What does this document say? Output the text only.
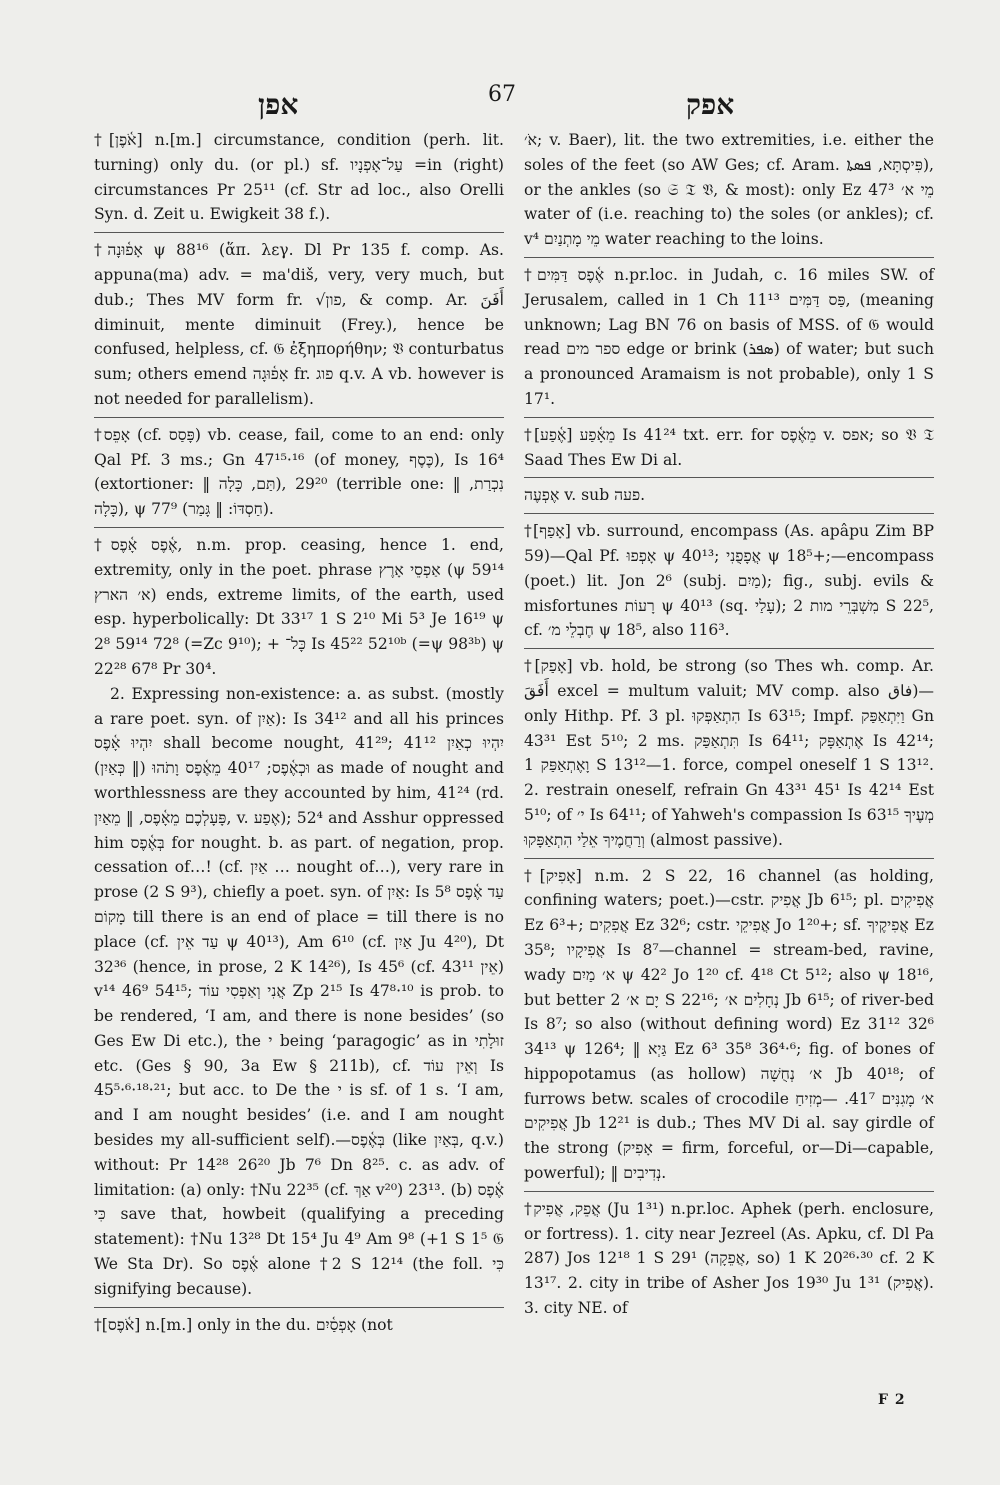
אפן	67	אפק

†[אֹ֫פֶן] n.[m.] circumstance, condition (perh. lit. turning) only du. (or pl.) sf. עַל־אָפְנָיו =in (right) circumstances Pr 25¹¹ (cf. Str ad loc., also Orelli Syn. d. Zeit u. Ewigkeit 38 f.).

†אָפ֫וּנָה ψ 88¹⁶ (ἅπ. λεγ. Dl Pr 135 f. comp. As. appuna(ma) adv. = ma'diš, very, very much, but dub.; Thes MV form fr. √פון, & comp. Ar. أَفَنَ diminuit, mente diminuit (Frey.), hence be confused, helpless, cf. 𝔊 ἐξηπορήθην; 𝔙 conturbatus sum; others emend אָפ֫וּגָה fr. פוג q.v. A vb. however is not needed for parallelism).

†אָפֵס (cf. פָּסַס) vb. cease, fail, come to an end: only Qal Pf. 3 ms.; Gn 47¹⁵·¹⁶ (of money, כֶּסֶף), Is 16⁴ (extortioner: ‖ תַּם, כָּלָה), 29²⁰ (terrible one: ‖ נִכְרַת, כָּלָה), ψ 77⁹ (חַסְדּוֹ: ‖ גָּמַר).

†אֶ֫פֶס אָ֫פֶס, n.m. prop. ceasing, hence 1. end, extremity, only in the poet. phrase אַפְסֵי אָרֶץ (ψ 59¹⁴ א׳ הארץ) ends, extreme limits, of the earth, used esp. hyperbolically: Dt 33¹⁷ 1 S 2¹⁰ Mi 5³ Je 16¹⁹ ψ 2⁸ 59¹⁴ 72⁸ (=Zc 9¹⁰); + כָּל־ Is 45²² 52¹⁰ᵇ (=ψ 98³ᵇ) ψ 22²⁸ 67⁸ Pr 30⁴.

2. Expressing non-existence: a. as subst. (mostly a rare poet. syn. of אַיִן): Is 34¹² and all his princes יִהְיוּ אָ֫פֶס shall become nought, 41²⁹; 41¹² יִהְיוּ כְאַיִן וּכְאֶ֫פֶס; 40¹⁷ מֵאֶ֫פֶס וָתֹהוּ (‖ כְּאַיִן) as made of nought and worthlessness are they accounted by him, 41²⁴ (rd. פָּעָלְכֶם מֵאָ֫פֶס, ‖ מֵאַיִן, v. אֶפַע); 52⁴ and Asshur oppressed him בְּאֶ֫פֶס for nought. b. as part. of negation, prop. cessation of…! (cf. אַיִן … nought of…), very rare in prose (2 S 9³), chiefly a poet. syn. of אַיִן: Is 5⁸ עַד אֶ֫פֶס מָקוֹם till there is an end of place = till there is no place (cf. עַד אֵין ψ 40¹³), Am 6¹⁰ (cf. אַיִן Ju 4²⁰), Dt 32³⁶ (hence, in prose, 2 K 14²⁶), Is 45⁶ (cf. אֵין 43¹¹) v¹⁴ 46⁹ 54¹⁵; אֲנִי וְאַפְסִי עוֹד Zp 2¹⁵ Is 47⁸·¹⁰ is prob. to be rendered, ‘I am, and there is none besides’ (so Ges Ew Di etc.), the י being ‘paragogic’ as in זוּלָתִי etc. (Ges § 90, 3a Ew § 211b), cf. וְאֵין עוֹד Is 45⁵·⁶·¹⁸·²¹; but acc. to De the י is sf. of 1 s. ‘I am, and I am nought besides’ (i.e. and I am nought besides my all-sufficient self).—בְּאֶ֫פֶס (like בְּאַיִן, q.v.) without: Pr 14²⁸ 26²⁰ Jb 7⁶ Dn 8²⁵. c. as adv. of limitation: (a) only: †Nu 22³⁵ (cf. אַךְ v²⁰) 23¹³. (b) אֶ֫פֶס כִּי save that, howbeit (qualifying a preceding statement): †Nu 13²⁸ Dt 15⁴ Ju 4⁹ Am 9⁸ (+1 S 1⁵ 𝔊 We Sta Dr). So אֶ֫פֶס alone †2 S 12¹⁴ (the foll. כִּי signifying because).

†[אֹ֫פֶס] n.[m.] only in the du. אָפְסַ֫יִם (not

אֹ׳; v. Baer), lit. the two extremities, i.e. either the soles of the feet (so AW Ges; cf. Aram. פִּיסְתָּא, ܦܣܬܐ), or the ankles (so 𝔖 𝔗 𝔙, & most): only Ez 47³ מֵי א׳ water of (i.e. reaching to) the soles (or ankles); cf. v⁴ מֵי מָתְנַיִם water reaching to the loins.

†אֶ֫פֶס דַּמִּים n.pr.loc. in Judah, c. 16 miles SW. of Jerusalem, called in 1 Ch 11¹³ פַּס דַּמִּים, (meaning unknown; Lag BN 76 on basis of MSS. of 𝔊 would read ספר מים edge or brink (ܣܦܪ) of water; but such a pronounced Aramaism is not probable), only 1 S 17¹.

†[אֶ֫פַע] מֵאָ֫פַע Is 41²⁴ txt. err. for מֵאֶ֫פֶס v. אפס; so 𝔙 𝔗 Saad Thes Ew Di al.

אֶפְעֶה v. sub פעה.

†[אָפַף] vb. surround, encompass (As. apâpu Zim BP 59)—Qal Pf. אָפְפוּ ψ 40¹³; אֲפָפֻנִי ψ 18⁵+;—encompass (poet.) lit. Jon 2⁶ (subj. מַיִם); fig., subj. evils & misfortunes רָעוֹת ψ 40¹³ (sq. עָלַי); מִשְׁבְּרֵי מות 2 S 22⁵, cf. חֶבְלֵי מ׳ ψ 18⁵, also 116³.

†[אָפַק] vb. hold, be strong (so Thes wh. comp. Ar. أَفَقَ excel = multum valuit; MV comp. also فاق)—only Hithp. Pf. 3 pl. הִתְאַפְּקוּ Is 63¹⁵; Impf. וַיִּתְאַפַּק Gn 43³¹ Est 5¹⁰; 2 ms. תִּתְאַפַּק Is 64¹¹; אֶתְאַפָּק Is 42¹⁴; וָאֶתְאַפַּק 1 S 13¹²—1. force, compel oneself 1 S 13¹². 2. restrain oneself, refrain Gn 43³¹ 45¹ Is 42¹⁴ Est 5¹⁰; of י׳ Is 64¹¹; of Yahweh's compassion Is 63¹⁵ מְעֶיךָ וְרַחֲמֶיךָ אֵלַי הִתְאַפָּקוּ (almost passive).

†[אָפִיק] n.m. 2 S 22, 16 channel (as holding, confining waters; poet.)—cstr. אֲפִיק Jb 6¹⁵; pl. אֲפִיקִים Ez 6³+; אֲפִקִים Ez 32⁶; cstr. אֲפִיקֵי Jo 1²⁰+; sf. אֲפִיקֶיךָ Ez 35⁸; אֲפִיקָיו Is 8⁷—channel = stream-bed, ravine, wady א׳ מַיִם ψ 42² Jo 1²⁰ cf. 4¹⁸ Ct 5¹²; also ψ 18¹⁶, but better יָם א׳ 2 S 22¹⁶; נְחָלִים א׳ Jb 6¹⁵; of river-bed Is 8⁷; so also (without defining word) Ez 31¹² 32⁶ 34¹³ ψ 126⁴; ‖ גַּיְא Ez 6³ 35⁸ 36⁴·⁶; fig. of bones of hippopotamus (as hollow) א׳ נְחֻשָׁה Jb 40¹⁸; of furrows betw. scales of crocodile א׳ מָגִנִּים 41⁷. —מְזִיחַ אֲפִיקִים Jb 12²¹ is dub.; Thes MV Di al. say girdle of the strong (אָפִיק = firm, forceful, or—Di—capable, powerful); ‖ נְדִיבִים.

†אֲפֵק, אֲפִיק (Ju 1³¹) n.pr.loc. Aphek (perh. enclosure, or fortress). 1. city near Jezreel (As. Apku, cf. Dl Pa 287) Jos 12¹⁸ 1 S 29¹ (אֲפֵקָה, so) 1 K 20²⁶·³⁰ cf. 2 K 13¹⁷. 2. city in tribe of Asher Jos 19³⁰ Ju 1³¹ (אֲפִיק). 3. city NE. of

F 2
